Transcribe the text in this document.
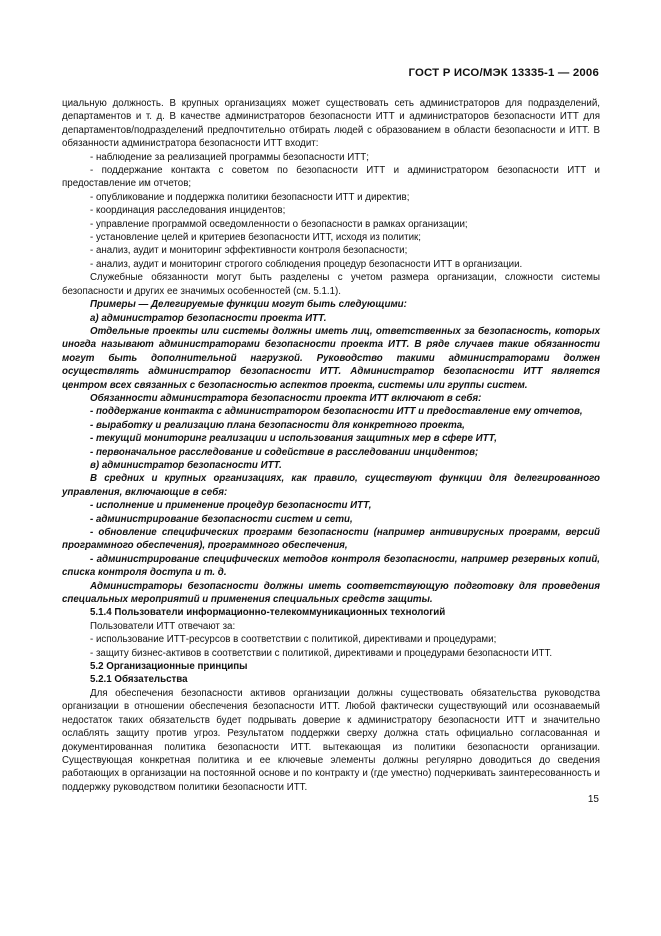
ГОСТ Р ИСО/МЭК 13335-1 — 2006

циальную должность. В крупных организациях может существовать сеть администраторов для подразделений, департаментов и т. д. В качестве администраторов безопасности ИТТ и администраторов безопасности ИТТ для департаментов/подразделений предпочтительно отбирать людей с образованием в области безопасности и ИТТ. В обязанности администратора безопасности ИТТ входит:

- наблюдение за реализацией программы безопасности ИТТ;

- поддержание контакта с советом по безопасности ИТТ и администратором безопасности ИТТ и предоставление им отчетов;

- опубликование и поддержка политики безопасности ИТТ и директив;

- координация расследования инцидентов;

- управление программой осведомленности о безопасности в рамках организации;

- установление целей и критериев безопасности ИТТ, исходя из политик;

- анализ, аудит и мониторинг эффективности контроля безопасности;

- анализ, аудит и мониторинг строгого соблюдения процедур безопасности ИТТ в организации.

Служебные обязанности могут быть разделены с учетом размера организации, сложности системы безопасности и других ее значимых особенностей (см. 5.1.1).

Примеры — Делегируемые функции могут быть следующими:

а) администратор безопасности проекта ИТТ.

Отдельные проекты или системы должны иметь лиц, ответственных за безопасность, которых иногда называют администраторами безопасности проекта ИТТ. В ряде случаев такие обязанности могут быть дополнительной нагрузкой. Руководство такими администраторами должен осуществлять администратор безопасности ИТТ. Администратор безопасности ИТТ является центром всех связанных с безопасностью аспектов проекта, системы или группы систем.

Обязанности администратора безопасности проекта ИТТ включают в себя:

- поддержание контакта с администратором безопасности ИТТ и предоставление ему отчетов,

- выработку и реализацию плана безопасности для конкретного проекта,

- текущий мониторинг реализации и использования защитных мер в сфере ИТТ,

- первоначальное расследование и содействие в расследовании инцидентов;

в) администратор безопасности ИТТ.

В средних и крупных организациях, как правило, существуют функции для делегированного управления, включающие в себя:

- исполнение и применение процедур безопасности ИТТ,

- администрирование безопасности систем и сети,

- обновление специфических программ безопасности (например антивирусных программ, версий программного обеспечения), программного обеспечения,

- администрирование специфических методов контроля безопасности, например резервных копий, списка контроля доступа и т. д.

Администраторы безопасности должны иметь соответствующую подготовку для проведения специальных мероприятий и применения специальных средств защиты.

5.1.4 Пользователи информационно-телекоммуникационных технологий

Пользователи ИТТ отвечают за:

- использование ИТТ-ресурсов в соответствии с политикой, директивами и процедурами;

- защиту бизнес-активов в соответствии с политикой, директивами и процедурами безопасности ИТТ.

5.2 Организационные принципы

5.2.1 Обязательства

Для обеспечения безопасности активов организации должны существовать обязательства руководства организации в отношении обеспечения безопасности ИТТ. Любой фактически существующий или осознаваемый недостаток таких обязательств будет подрывать доверие к администратору безопасности ИТТ и значительно ослаблять защиту против угроз. Результатом поддержки сверху должна стать официально согласованная и документированная политика безопасности ИТТ. вытекающая из политики безопасности организации. Существующая конкретная политика и ее ключевые элементы должны регулярно доводиться до сведения работающих в организации на постоянной основе и по контракту и (где уместно) подчеркивать заинтересованность и поддержку руководством политики безопасности ИТТ.

15
